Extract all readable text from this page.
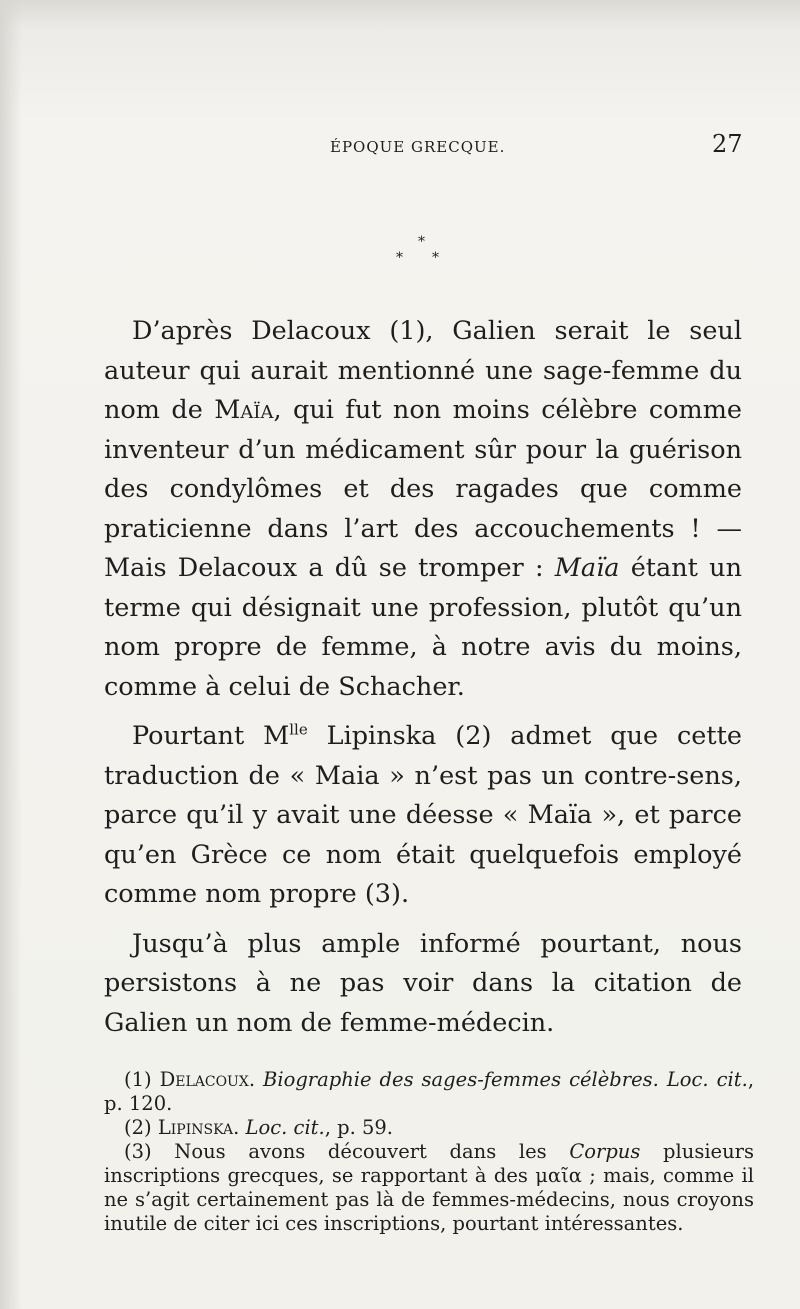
ÉPOQUE GRECQUE.	27
*
* *

D’après Delacoux (1), Galien serait le seul auteur qui aurait mentionné une sage-femme du nom de Maïa, qui fut non moins célèbre comme inventeur d’un médicament sûr pour la guérison des condylômes et des ragades que comme praticienne dans l’art des accouchements ! — Mais Delacoux a dû se tromper : Maïa étant un terme qui désignait une profession, plutôt qu’un nom propre de femme, à notre avis du moins, comme à celui de Schacher.

Pourtant $M^{lle}$ Lipinska (2) admet que cette traduction de « Maia » n’est pas un contre-sens, parce qu’il y avait une déesse « Maïa », et parce qu’en Grèce ce nom était quelquefois employé comme nom propre (3).

Jusqu’à plus ample informé pourtant, nous persistons à ne pas voir dans la citation de Galien un nom de femme-médecin.

(1) Delacoux. Biographie des sages-femmes célèbres. Loc. cit., p. 120.

(2) Lipinska. Loc. cit., p. 59.

(3) Nous avons découvert dans les Corpus plusieurs inscriptions grecques, se rapportant à des μαῖα ; mais, comme il ne s’agit certainement pas là de femmes-médecins, nous croyons inutile de citer ici ces inscriptions, pourtant intéressantes.
